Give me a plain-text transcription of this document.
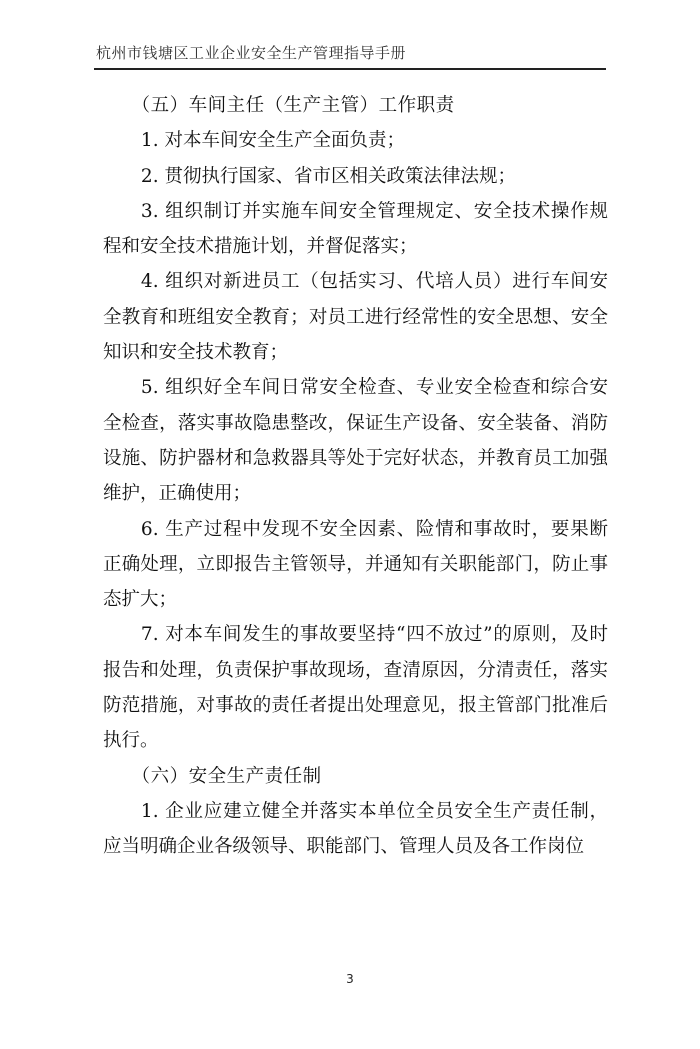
杭州市钱塘区工业企业安全生产管理指导手册

（五）车间主任（生产主管）工作职责

1. 对本车间安全生产全面负责；

2. 贯彻执行国家、省市区相关政策法律法规；

3. 组织制订并实施车间安全管理规定、安全技术操作规程和安全技术措施计划，并督促落实；

4. 组织对新进员工（包括实习、代培人员）进行车间安全教育和班组安全教育；对员工进行经常性的安全思想、安全知识和安全技术教育；

5. 组织好全车间日常安全检查、专业安全检查和综合安全检查，落实事故隐患整改，保证生产设备、安全装备、消防设施、防护器材和急救器具等处于完好状态，并教育员工加强维护，正确使用；

6. 生产过程中发现不安全因素、险情和事故时，要果断正确处理，立即报告主管领导，并通知有关职能部门，防止事态扩大；

7. 对本车间发生的事故要坚持“四不放过”的原则，及时报告和处理，负责保护事故现场，查清原因，分清责任，落实防范措施，对事故的责任者提出处理意见，报主管部门批准后执行。

（六）安全生产责任制

1. 企业应建立健全并落实本单位全员安全生产责任制，应当明确企业各级领导、职能部门、管理人员及各工作岗位

3
